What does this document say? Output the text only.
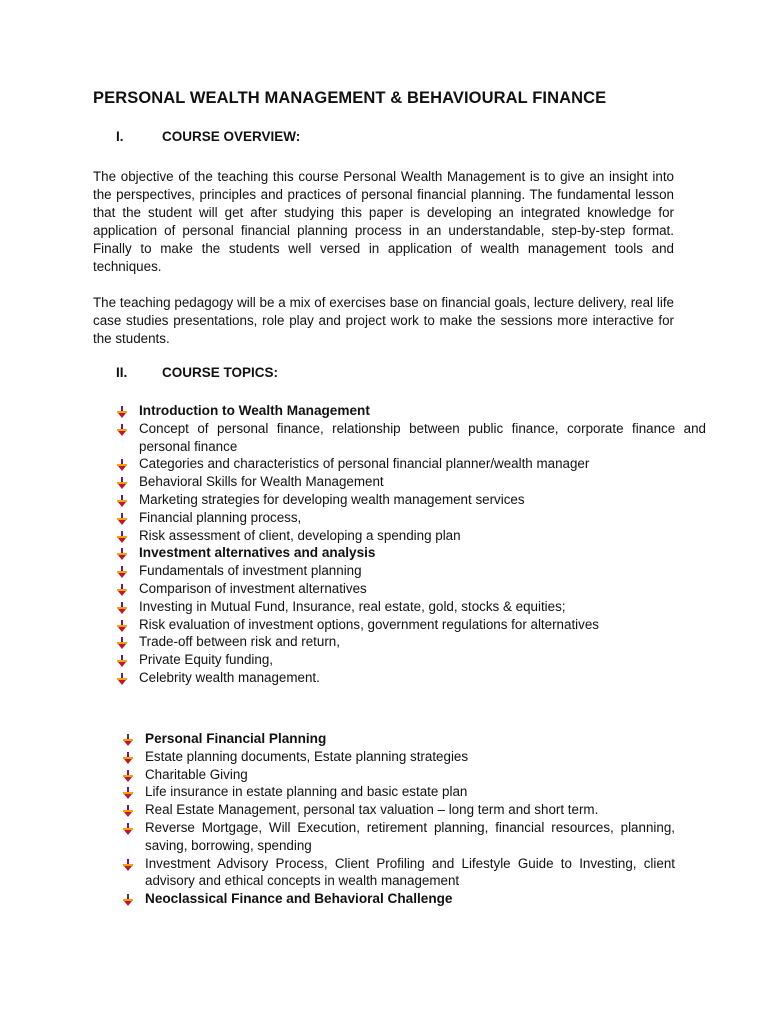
PERSONAL WEALTH MANAGEMENT & BEHAVIOURAL FINANCE
I.	COURSE OVERVIEW:

The objective of the teaching this course Personal Wealth Management is to give an insight into the perspectives, principles and practices of personal financial planning. The fundamental lesson that the student will get after studying this paper is developing an integrated knowledge for application of personal financial planning process in an understandable, step-by-step format. Finally to make the students well versed in application of wealth management tools and techniques.

The teaching pedagogy will be a mix of exercises base on financial goals, lecture delivery, real life case studies presentations, role play and project work to make the sessions more interactive for the students.

II.	COURSE TOPICS:
Introduction to Wealth Management
Concept of personal finance, relationship between public finance, corporate finance and personal finance
Categories and characteristics of personal financial planner/wealth manager
Behavioral Skills for Wealth Management
Marketing strategies for developing wealth management services
Financial planning process,
Risk assessment of client, developing a spending plan
Investment alternatives and analysis
Fundamentals of investment planning
Comparison of investment alternatives
Investing in Mutual Fund, Insurance, real estate, gold, stocks & equities;
Risk evaluation of investment options, government regulations for alternatives
Trade-off between risk and return,
Private Equity funding,
Celebrity wealth management.
Personal Financial Planning
Estate planning documents, Estate planning strategies
Charitable Giving
Life insurance in estate planning and basic estate plan
Real Estate Management, personal tax valuation – long term and short term.
Reverse Mortgage, Will Execution, retirement planning, financial resources, planning, saving, borrowing, spending
Investment Advisory Process, Client Profiling and Lifestyle Guide to Investing, client advisory and ethical concepts in wealth management
Neoclassical Finance and Behavioral Challenge
